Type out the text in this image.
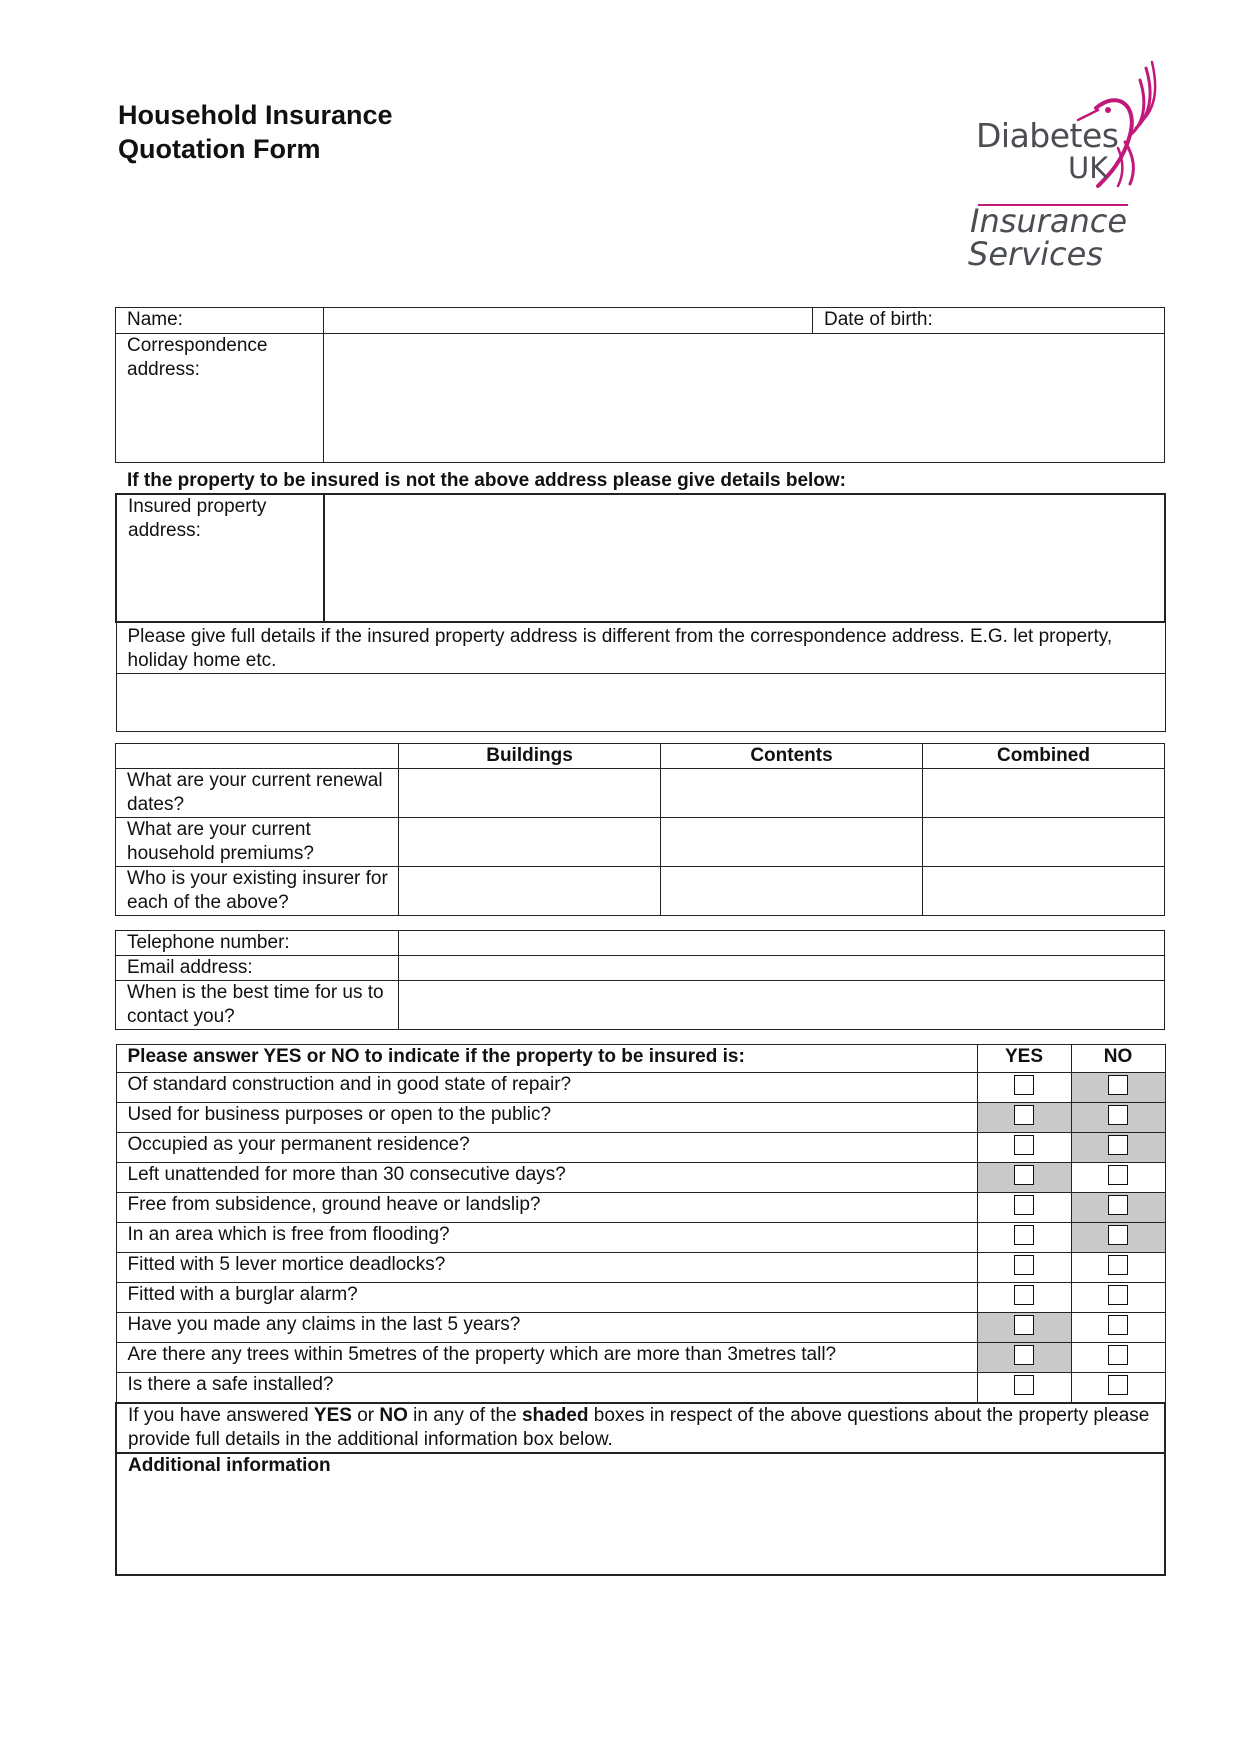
Household Insurance
Quotation Form	Diabetes
UK
Insurance
Services
Name:		Date of birth:
Correspondence address:		
If the property to be insured is not the above address please give details below:
Insured property address:	
Please give full details if the insured property address is different from the correspondence address. E.G. let property, holiday home etc.

	Buildings	Contents	Combined
What are your current renewal dates?			
What are your current household premiums?			
Who is your existing insurer for each of the above?			
Telephone number:	
Email address:	
When is the best time for us to contact you?	
Please answer YES or NO to indicate if the property to be insured is:	YES	NO
Of standard construction and in good state of repair?		
Used for business purposes or open to the public?		
Occupied as your permanent residence?		
Left unattended for more than 30 consecutive days?		
Free from subsidence, ground heave or landslip?		
In an area which is free from flooding?		
Fitted with 5 lever mortice deadlocks?		
Fitted with a burglar alarm?		
Have you made any claims in the last 5 years?		
Are there any trees within 5metres of the property which are more than 3metres tall?		
Is there a safe installed?		
If you have answered YES or NO in any of the shaded boxes in respect of the above questions about the property please provide full details in the additional information box below.		
Additional information		
